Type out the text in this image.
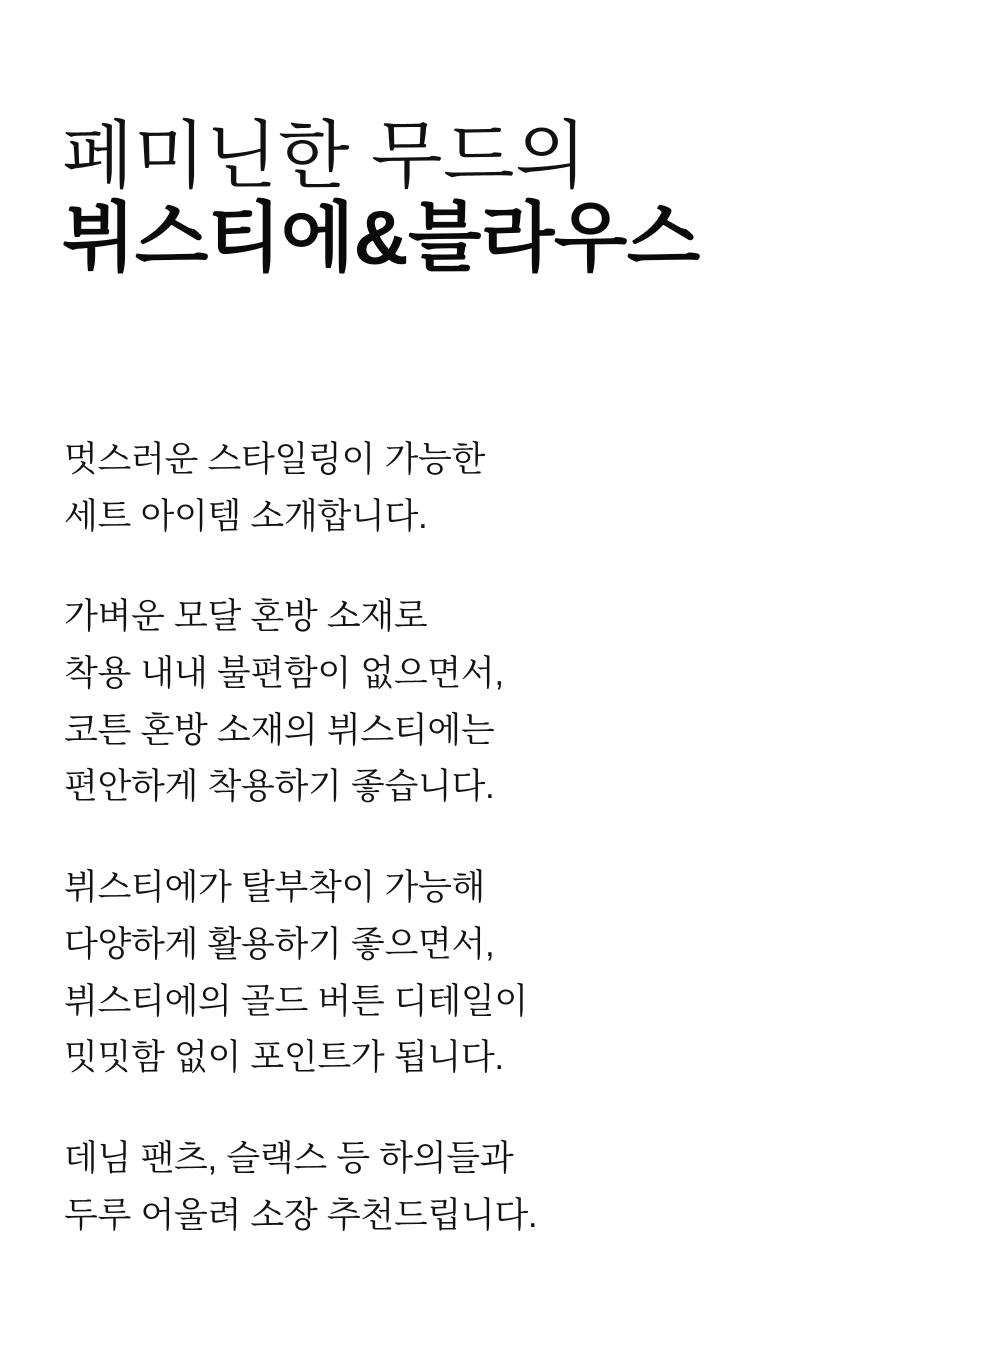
페미닌한 무드의
뷔스티에&블라우스
멋스러운 스타일링이 가능한
세트 아이템 소개합니다.
가벼운 모달 혼방 소재로
착용 내내 불편함이 없으면서,
코튼 혼방 소재의 뷔스티에는
편안하게 착용하기 좋습니다.
뷔스티에가 탈부착이 가능해
다양하게 활용하기 좋으면서,
뷔스티에의 골드 버튼 디테일이
밋밋함 없이 포인트가 됩니다.
데님 팬츠, 슬랙스 등 하의들과
두루 어울려 소장 추천드립니다.
